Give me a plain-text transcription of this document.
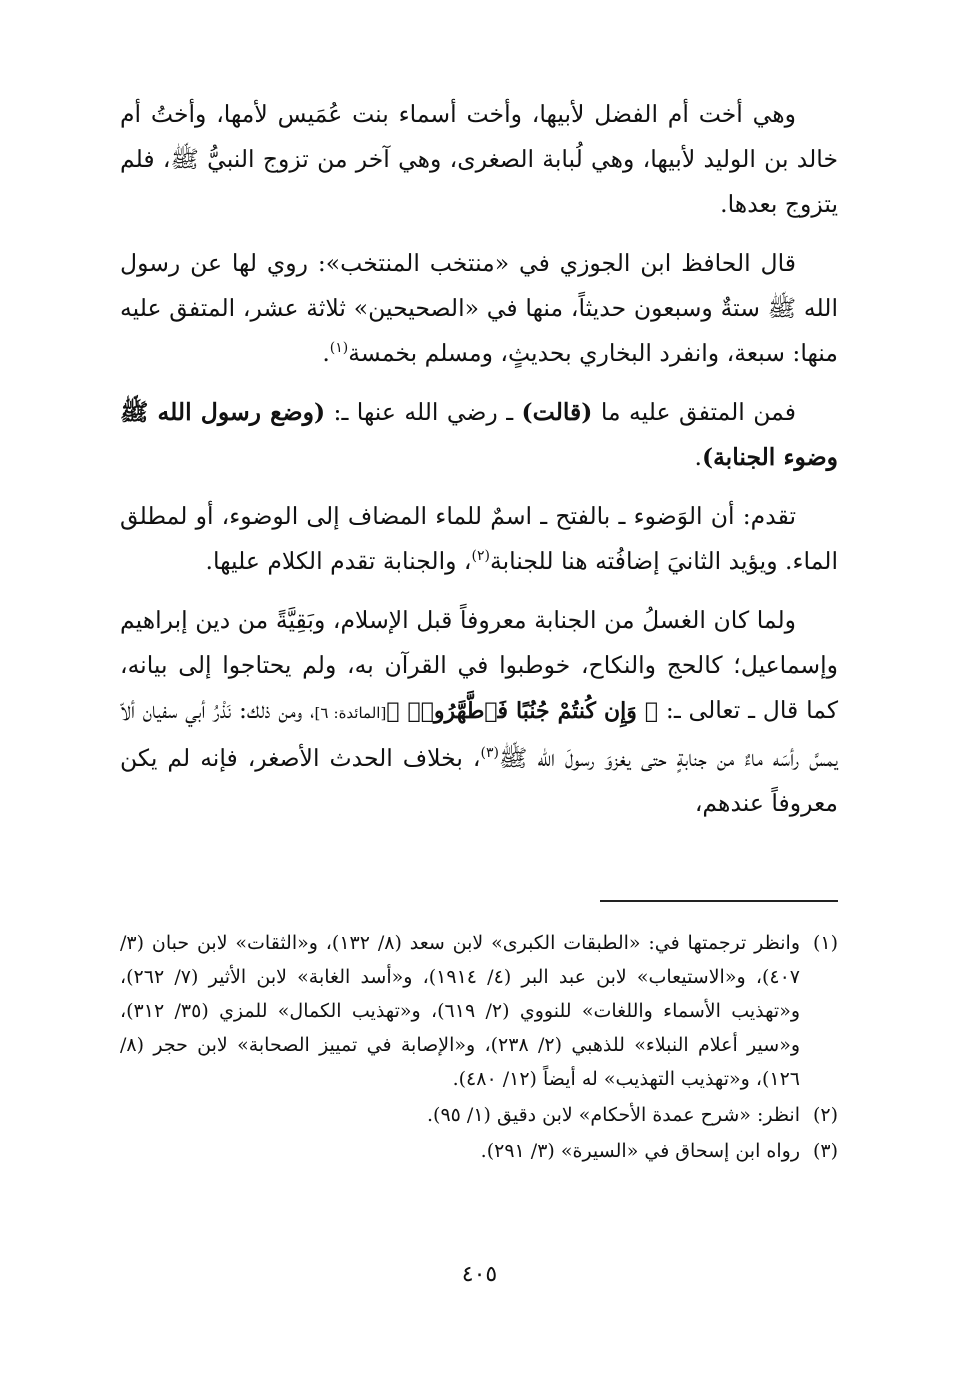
وهي أخت أم الفضل لأبيها، وأخت أسماء بنت عُمَيس لأمها، وأختُ أم خالد بن الوليد لأبيها، وهي لُبابة الصغرى، وهي آخر من تزوج النبيُّ ﷺ، فلم يتزوج بعدها.

قال الحافظ ابن الجوزي في «منتخب المنتخب»: روي لها عن رسول الله ﷺ ستةٌ وسبعون حديثاً، منها في «الصحيحين» ثلاثة عشر، المتفق عليه منها: سبعة، وانفرد البخاري بحديثٍ، ومسلم بخمسة$^{(١)}$.

فمن المتفق عليه ما (قالت) ـ رضي الله عنها ـ: (وضع رسول الله ﷺ وضوء الجنابة).

تقدم: أن الوَضوء ـ بالفتح ـ اسمٌ للماء المضاف إلى الوضوء، أو لمطلق الماء. ويؤيد الثانيَ إضافُته هنا للجنابة$^{(٢)}$، والجنابة تقدم الكلام عليها.

ولما كان الغسلُ من الجنابة معروفاً قبل الإسلام، وبَقِيَّةً من دين إبراهيم وإسماعيل؛ كالحج والنكاح، خوطبوا في القرآن به، ولم يحتاجوا إلى بيانه، كما قال ـ تعالى ـ: ﴿ وَإِن كُنتُمْ جُنُبًا فَٱطَّهَّرُوا۟ ﴾[المائدة: ٦]، ومن ذلك: نَذْرُ أبي سفيان ألاّ يمسَّ رأسَه ماءٌ من جنابةٍ حتى يغزوَ رسولَ الله ﷺ$^{(٣)}$، بخلاف الحدث الأصغر، فإنه لم يكن معروفاً عندهم،

(١)
وانظر ترجمتها في: «الطبقات الكبرى» لابن سعد (٨/ ١٣٢)، و«الثقات» لابن حبان (٣/ ٤٠٧)، و«الاستيعاب» لابن عبد البر (٤/ ١٩١٤)، و«أسد الغابة» لابن الأثير (٧/ ٢٦٢)، و«تهذيب الأسماء واللغات» للنووي (٢/ ٦١٩)، و«تهذيب الكمال» للمزي (٣٥/ ٣١٢)، و«سير أعلام النبلاء» للذهبي (٢/ ٢٣٨)، و«الإصابة في تمييز الصحابة» لابن حجر (٨/ ١٢٦)، و«تهذيب التهذيب» له أيضاً (١٢/ ٤٨٠).
(٢)
انظر: «شرح عمدة الأحكام» لابن دقيق (١/ ٩٥).
(٣)
رواه ابن إسحاق في «السيرة» (٣/ ٢٩١).
٤٠٥
